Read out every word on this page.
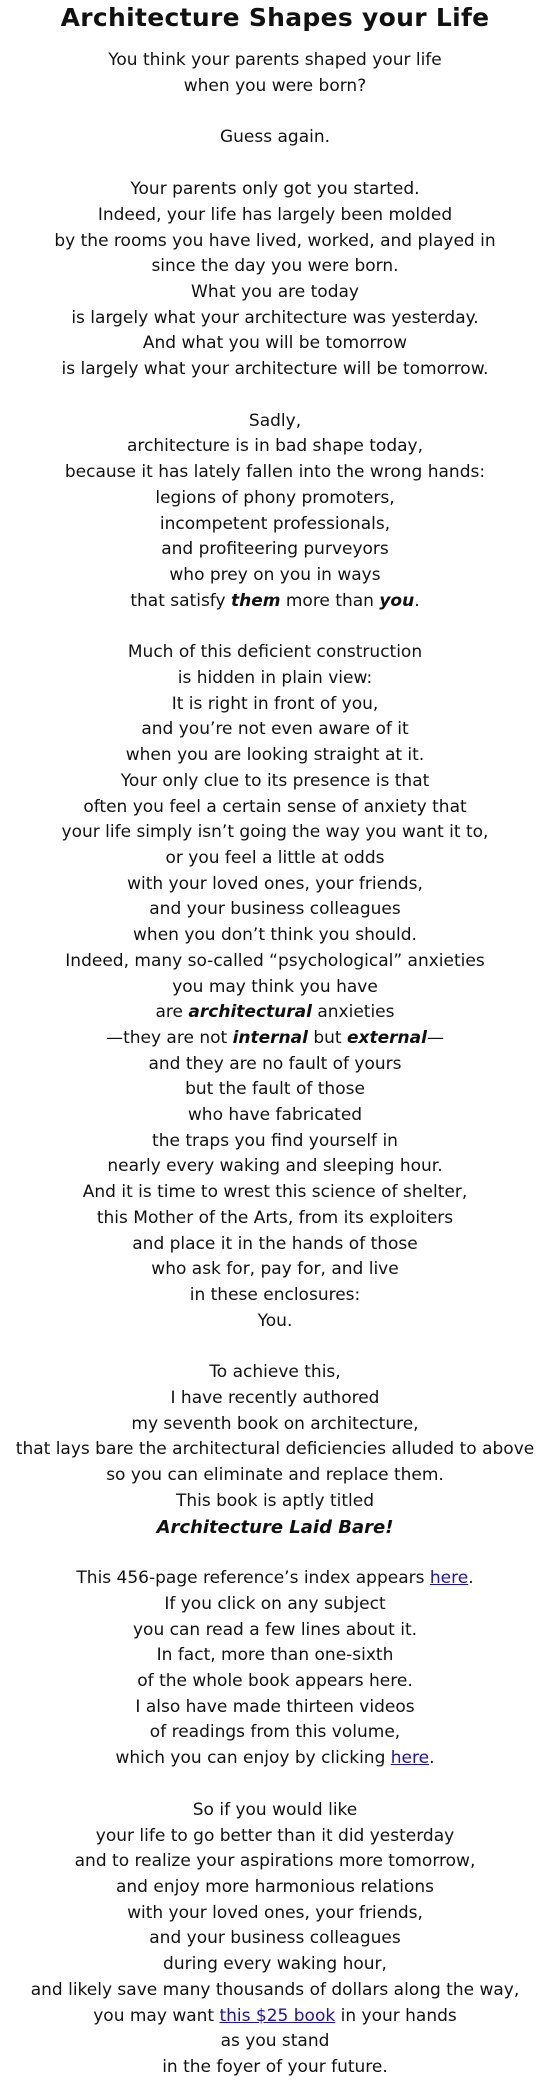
Architecture Shapes your Life
You think your parents shaped your life
when you were born?
Guess again.
Your parents only got you started.
Indeed, your life has largely been molded
by the rooms you have lived, worked, and played in
since the day you were born.
What you are today
is largely what your architecture was yesterday.
And what you will be tomorrow
is largely what your architecture will be tomorrow.
Sadly,
architecture is in bad shape today,
because it has lately fallen into the wrong hands:
legions of phony promoters,
incompetent professionals,
and profiteering purveyors
who prey on you in ways
that satisfy them more than you.
Much of this deficient construction
is hidden in plain view:
It is right in front of you,
and you’re not even aware of it
when you are looking straight at it.
Your only clue to its presence is that
often you feel a certain sense of anxiety that
your life simply isn’t going the way you want it to,
or you feel a little at odds
with your loved ones, your friends,
and your business colleagues
when you don’t think you should.
Indeed, many so-called “psychological” anxieties
you may think you have
are architectural anxieties
—they are not internal but external—
and they are no fault of yours
but the fault of those
who have fabricated
the traps you find yourself in
nearly every waking and sleeping hour.
And it is time to wrest this science of shelter,
this Mother of the Arts, from its exploiters
and place it in the hands of those
who ask for, pay for, and live
in these enclosures:
You.
To achieve this,
I have recently authored
my seventh book on architecture,
that lays bare the architectural deficiencies alluded to above
so you can eliminate and replace them.
This book is aptly titled
Architecture Laid Bare!
This 456-page reference’s index appears here.
If you click on any subject
you can read a few lines about it.
In fact, more than one-sixth
of the whole book appears here.
I also have made thirteen videos
of readings from this volume,
which you can enjoy by clicking here.
So if you would like
your life to go better than it did yesterday
and to realize your aspirations more tomorrow,
and enjoy more harmonious relations
with your loved ones, your friends,
and your business colleagues
during every waking hour,
and likely save many thousands of dollars along the way,
you may want this $25 book in your hands
as you stand
in the foyer of your future.
